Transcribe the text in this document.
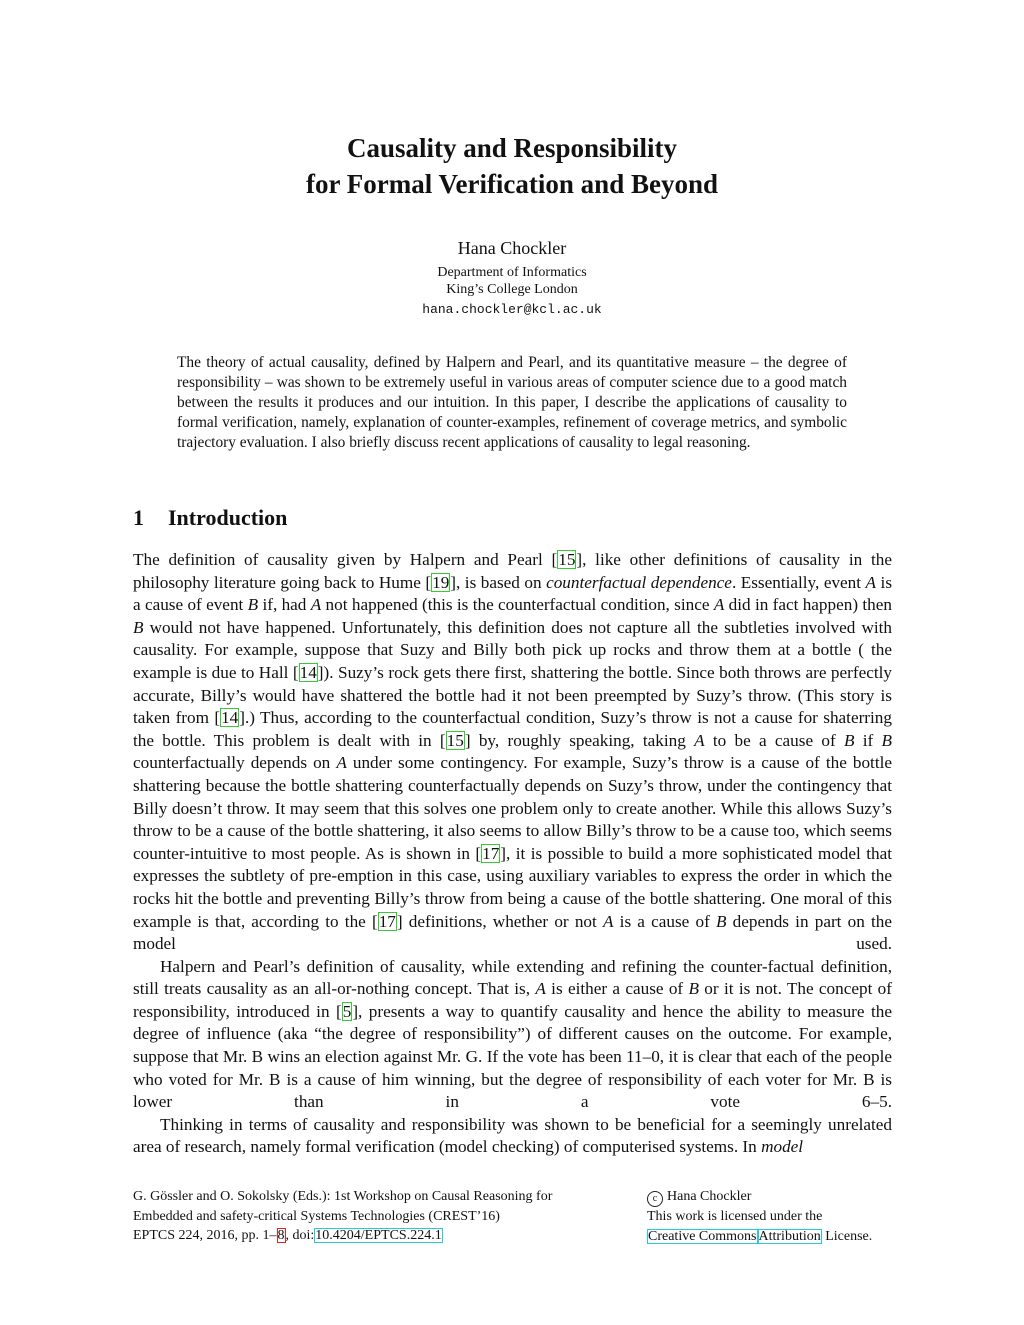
Causality and Responsibility
for Formal Verification and Beyond
Hana Chockler
Department of Informatics
King’s College London
hana.chockler@kcl.ac.uk
The theory of actual causality, defined by Halpern and Pearl, and its quantitative measure – the degree of responsibility – was shown to be extremely useful in various areas of computer science due to a good match between the results it produces and our intuition. In this paper, I describe the applications of causality to formal verification, namely, explanation of counter-examples, refinement of coverage metrics, and symbolic trajectory evaluation. I also briefly discuss recent applications of causality to legal reasoning.
1 Introduction

The definition of causality given by Halpern and Pearl [15], like other definitions of causality in the philosophy literature going back to Hume [19], is based on counterfactual dependence. Essentially, event A is a cause of event B if, had A not happened (this is the counterfactual condition, since A did in fact happen) then B would not have happened. Unfortunately, this definition does not capture all the subtleties involved with causality. For example, suppose that Suzy and Billy both pick up rocks and throw them at a bottle ( the example is due to Hall [14]). Suzy’s rock gets there first, shattering the bottle. Since both throws are perfectly accurate, Billy’s would have shattered the bottle had it not been preempted by Suzy’s throw. (This story is taken from [14].) Thus, according to the counterfactual condition, Suzy’s throw is not a cause for shaterring the bottle. This problem is dealt with in [15] by, roughly speaking, taking A to be a cause of B if B counterfactually depends on A under some contingency. For example, Suzy’s throw is a cause of the bottle shattering because the bottle shattering counterfactually depends on Suzy’s throw, under the contingency that Billy doesn’t throw. It may seem that this solves one problem only to create another. While this allows Suzy’s throw to be a cause of the bottle shattering, it also seems to allow Billy’s throw to be a cause too, which seems counter-intuitive to most people. As is shown in [17], it is possible to build a more sophisticated model that expresses the subtlety of pre-emption in this case, using auxiliary variables to express the order in which the rocks hit the bottle and preventing Billy’s throw from being a cause of the bottle shattering. One moral of this example is that, according to the [17] definitions, whether or not A is a cause of B depends in part on the model used.

Halpern and Pearl’s definition of causality, while extending and refining the counter-factual definition, still treats causality as an all-or-nothing concept. That is, A is either a cause of B or it is not. The concept of responsibility, introduced in [5], presents a way to quantify causality and hence the ability to measure the degree of influence (aka “the degree of responsibility”) of different causes on the outcome. For example, suppose that Mr. B wins an election against Mr. G. If the vote has been 11–0, it is clear that each of the people who voted for Mr. B is a cause of him winning, but the degree of responsibility of each voter for Mr. B is lower than in a vote 6–5.

Thinking in terms of causality and responsibility was shown to be beneficial for a seemingly unrelated area of research, namely formal verification (model checking) of computerised systems. In model

G. Gössler and O. Sokolsky (Eds.): 1st Workshop on Causal Reasoning for
Embedded and safety-critical Systems Technologies (CREST’16)
EPTCS 224, 2016, pp. 1–8, doi:10.4204/EPTCS.224.1
c Hana Chockler
This work is licensed under the
Creative Commons Attribution License.
